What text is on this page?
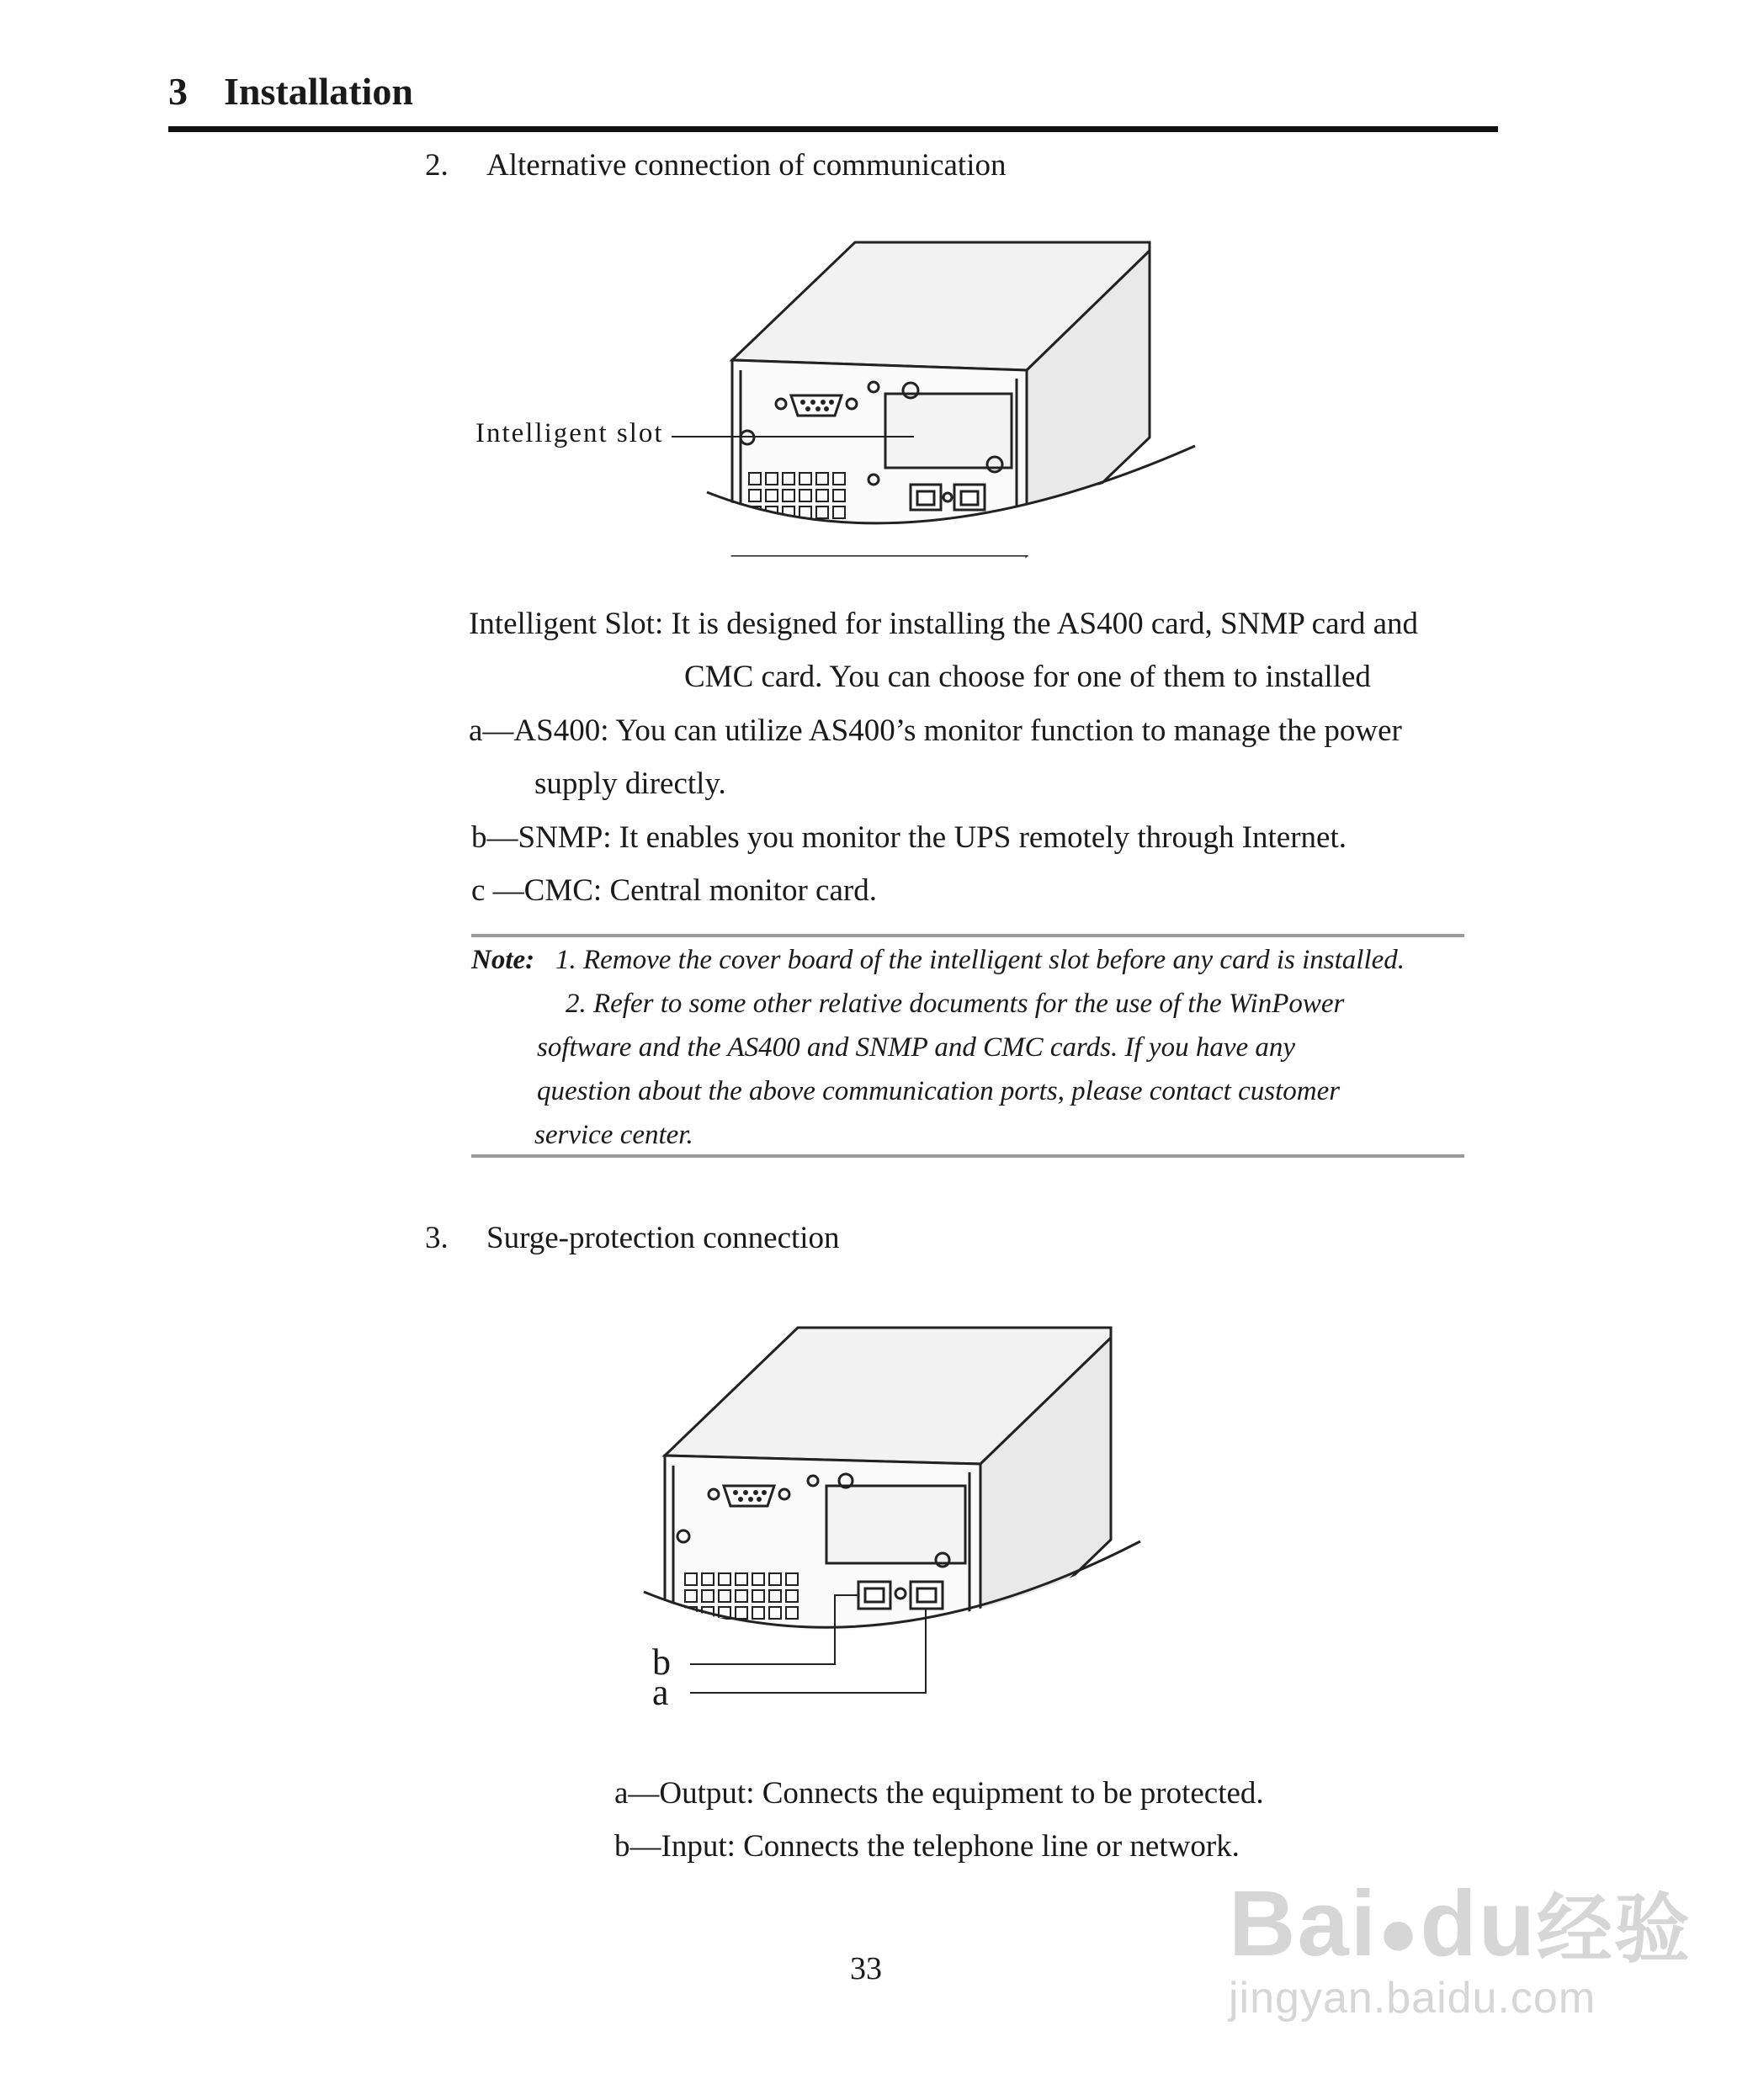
3 Installation
2. Alternative connection of communication
Intelligent slot
Intelligent Slot: It is designed for installing the AS400 card, SNMP card and
CMC card. You can choose for one of them to installed
a—AS400: You can utilize AS400’s monitor function to manage the power
supply directly.
b—SNMP: It enables you monitor the UPS remotely through Internet.
c —CMC: Central monitor card.
Note: 1. Remove the cover board of the intelligent slot before any card is installed.
2. Refer to some other relative documents for the use of the WinPower
software and the AS400 and SNMP and CMC cards. If you have any
question about the above communication ports, please contact customer
service center.
3. Surge-protection connection
b
a
a—Output: Connects the equipment to be protected.
b—Input: Connects the telephone line or network.
33	Bai●du经验
jingyan.baidu.com
